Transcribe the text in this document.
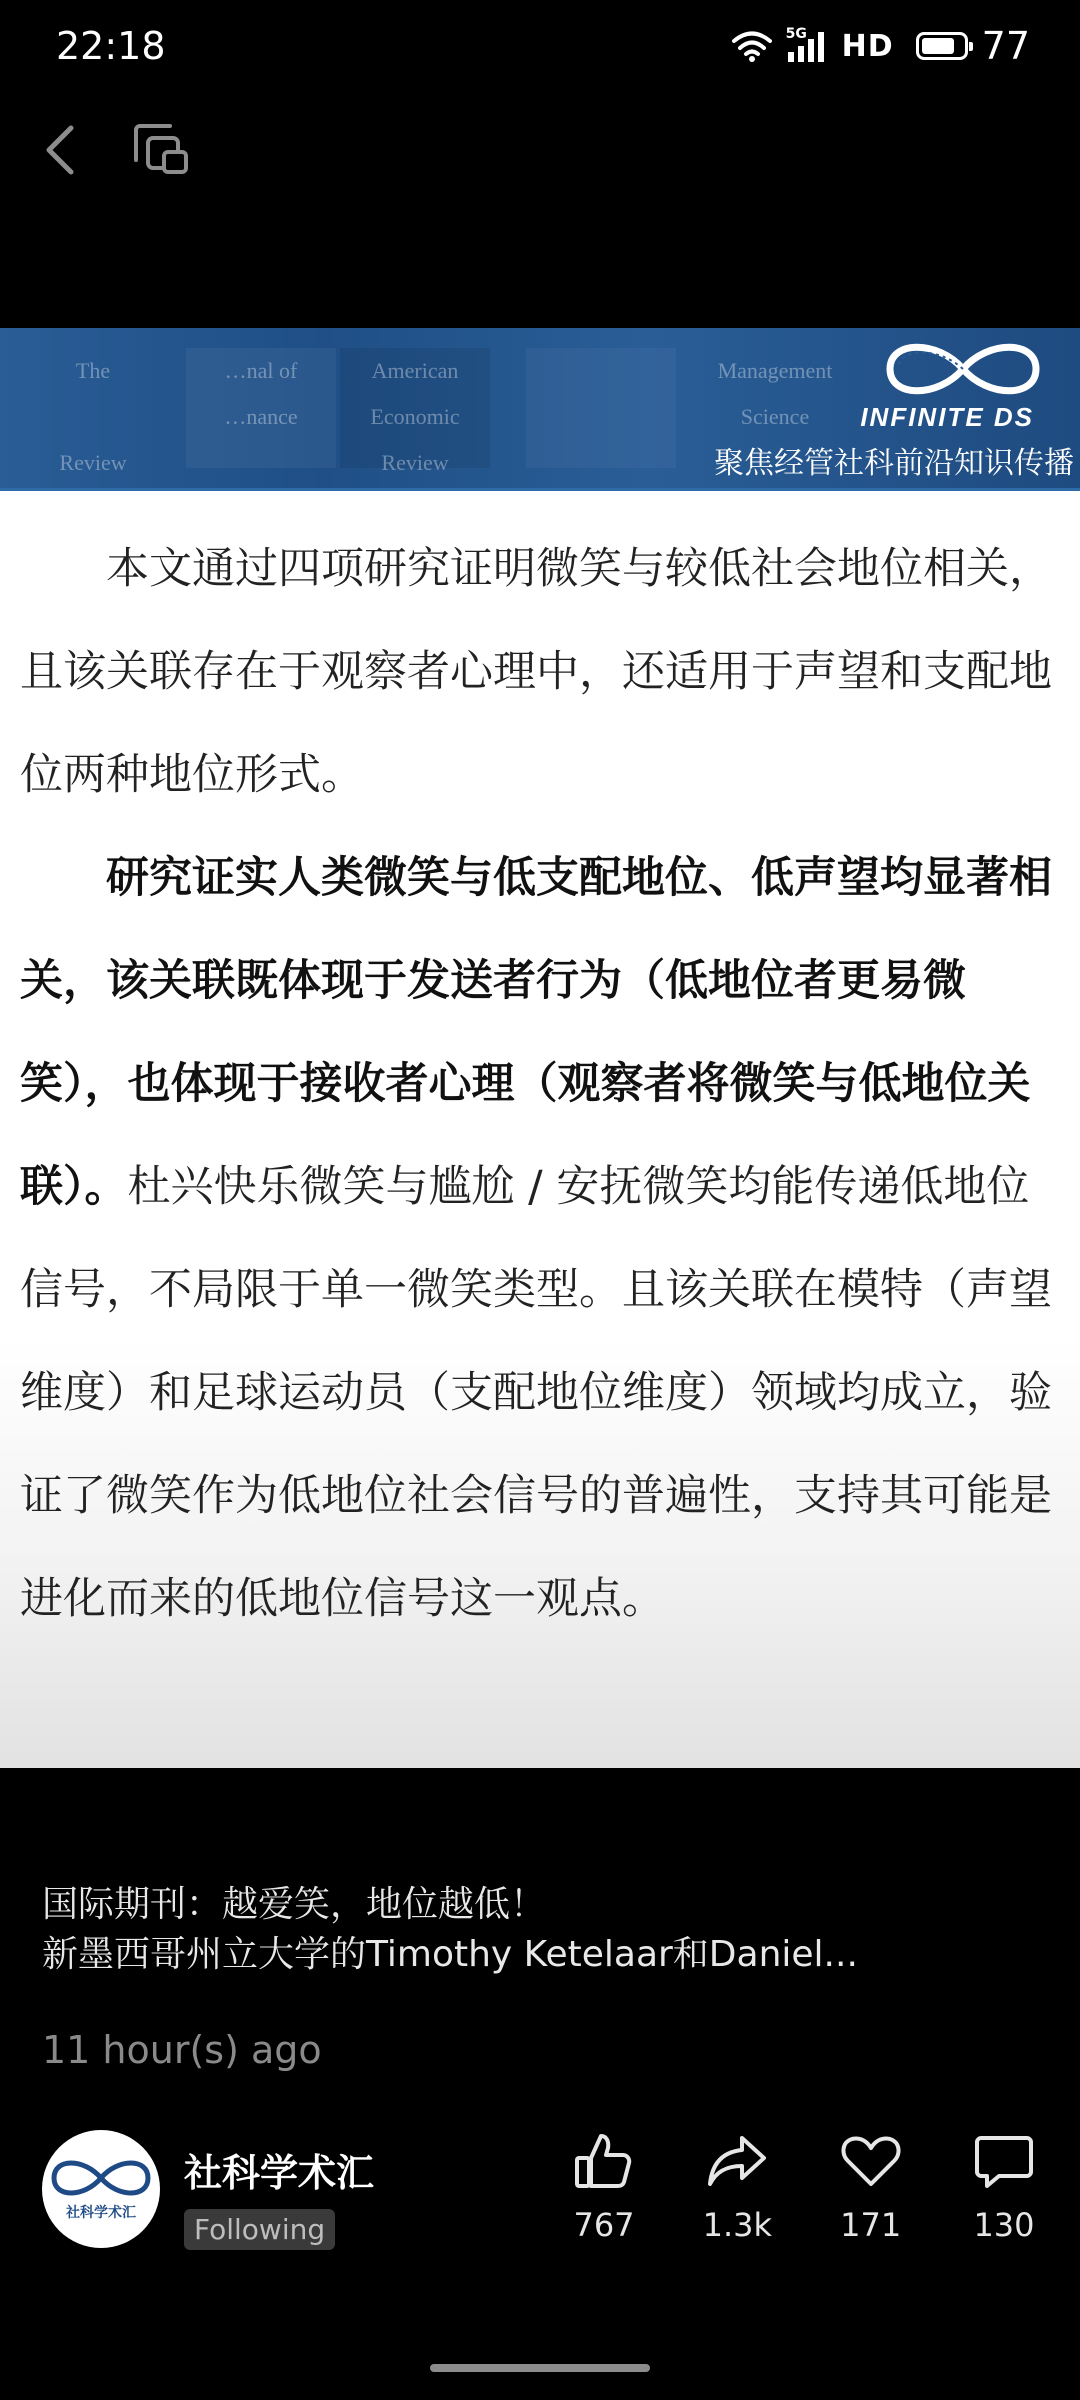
22:18	5G HD 77
The

Review
…nal of
…nance
American
Economic
Review
Management
Science	INFINITE DS
聚焦经管社科前沿知识传播

本文通过四项研究证明微笑与较低社会地位相关，且该关联存在于观察者心理中，还适用于声望和支配地位两种地位形式。

研究证实人类微笑与低支配地位、低声望均显著相关，该关联既体现于发送者行为（低地位者更易微笑），也体现于接收者心理（观察者将微笑与低地位关联）。杜兴快乐微笑与尴尬 / 安抚微笑均能传递低地位信号，不局限于单一微笑类型。且该关联在模特（声望维度）和足球运动员（支配地位维度）领域均成立，验证了微笑作为低地位社会信号的普遍性，支持其可能是进化而来的低地位信号这一观点。

国际期刊：越爱笑，地位越低！
新墨西哥州立大学的Timothy Ketelaar和Daniel...
11 hour(s) ago
社科学术汇
社科学术汇
Following	767 1.3k 171 130
